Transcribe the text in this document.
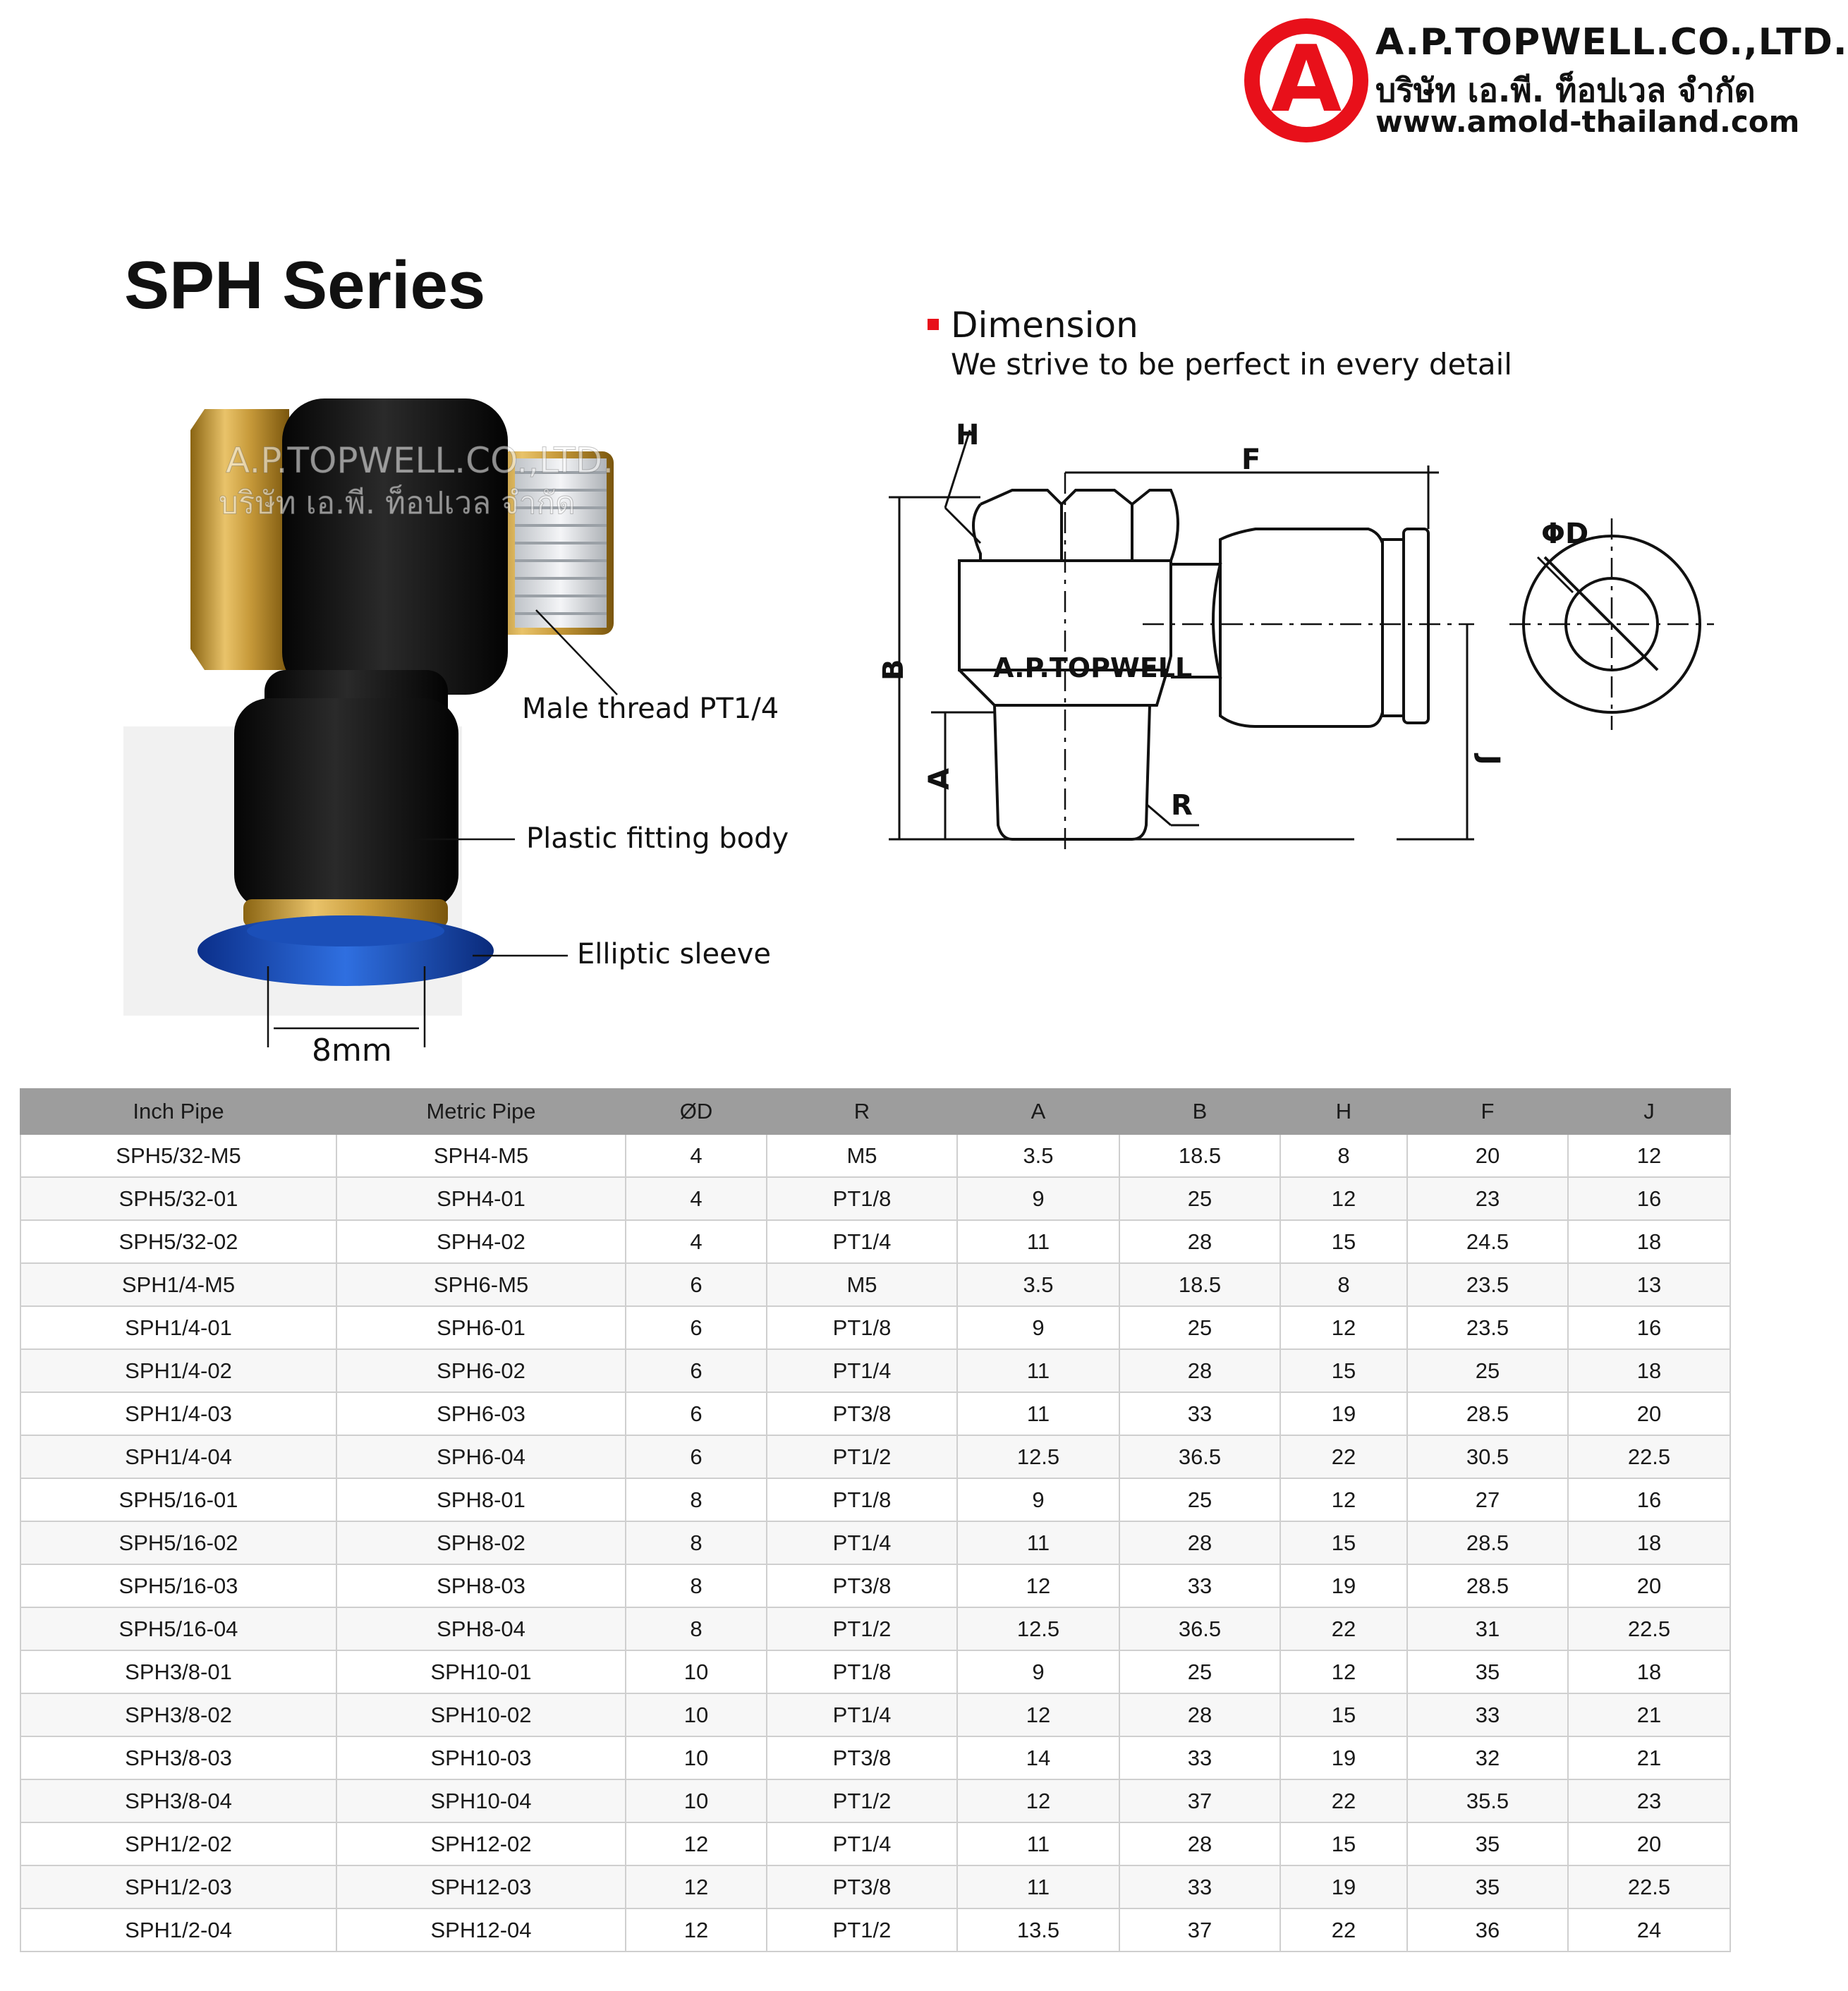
A A.P.TOPWELL.CO.,LTD.
บริษัท เอ.พี. ท็อปเวล จำกัด
www.amold-thailand.com
SPH Series
Dimension
We strive to be perfect in every detail
A.P.TOPWELL.CO.,LTD.
บริษัท เอ.พี. ท็อปเวล จำกัด
Male thread PT1/4
Plastic fitting body
Elliptic sleeve
8mm
H
F
R
ΦD
B
A
J
A.P.TOPWELL
Inch Pipe	Metric Pipe	ØD	R	A	B	H	F	J
SPH5/32-M5	SPH4-M5	4	M5	3.5	18.5	8	20	12
SPH5/32-01	SPH4-01	4	PT1/8	9	25	12	23	16
SPH5/32-02	SPH4-02	4	PT1/4	11	28	15	24.5	18
SPH1/4-M5	SPH6-M5	6	M5	3.5	18.5	8	23.5	13
SPH1/4-01	SPH6-01	6	PT1/8	9	25	12	23.5	16
SPH1/4-02	SPH6-02	6	PT1/4	11	28	15	25	18
SPH1/4-03	SPH6-03	6	PT3/8	11	33	19	28.5	20
SPH1/4-04	SPH6-04	6	PT1/2	12.5	36.5	22	30.5	22.5
SPH5/16-01	SPH8-01	8	PT1/8	9	25	12	27	16
SPH5/16-02	SPH8-02	8	PT1/4	11	28	15	28.5	18
SPH5/16-03	SPH8-03	8	PT3/8	12	33	19	28.5	20
SPH5/16-04	SPH8-04	8	PT1/2	12.5	36.5	22	31	22.5
SPH3/8-01	SPH10-01	10	PT1/8	9	25	12	35	18
SPH3/8-02	SPH10-02	10	PT1/4	12	28	15	33	21
SPH3/8-03	SPH10-03	10	PT3/8	14	33	19	32	21
SPH3/8-04	SPH10-04	10	PT1/2	12	37	22	35.5	23
SPH1/2-02	SPH12-02	12	PT1/4	11	28	15	35	20
SPH1/2-03	SPH12-03	12	PT3/8	11	33	19	35	22.5
SPH1/2-04	SPH12-04	12	PT1/2	13.5	37	22	36	24
